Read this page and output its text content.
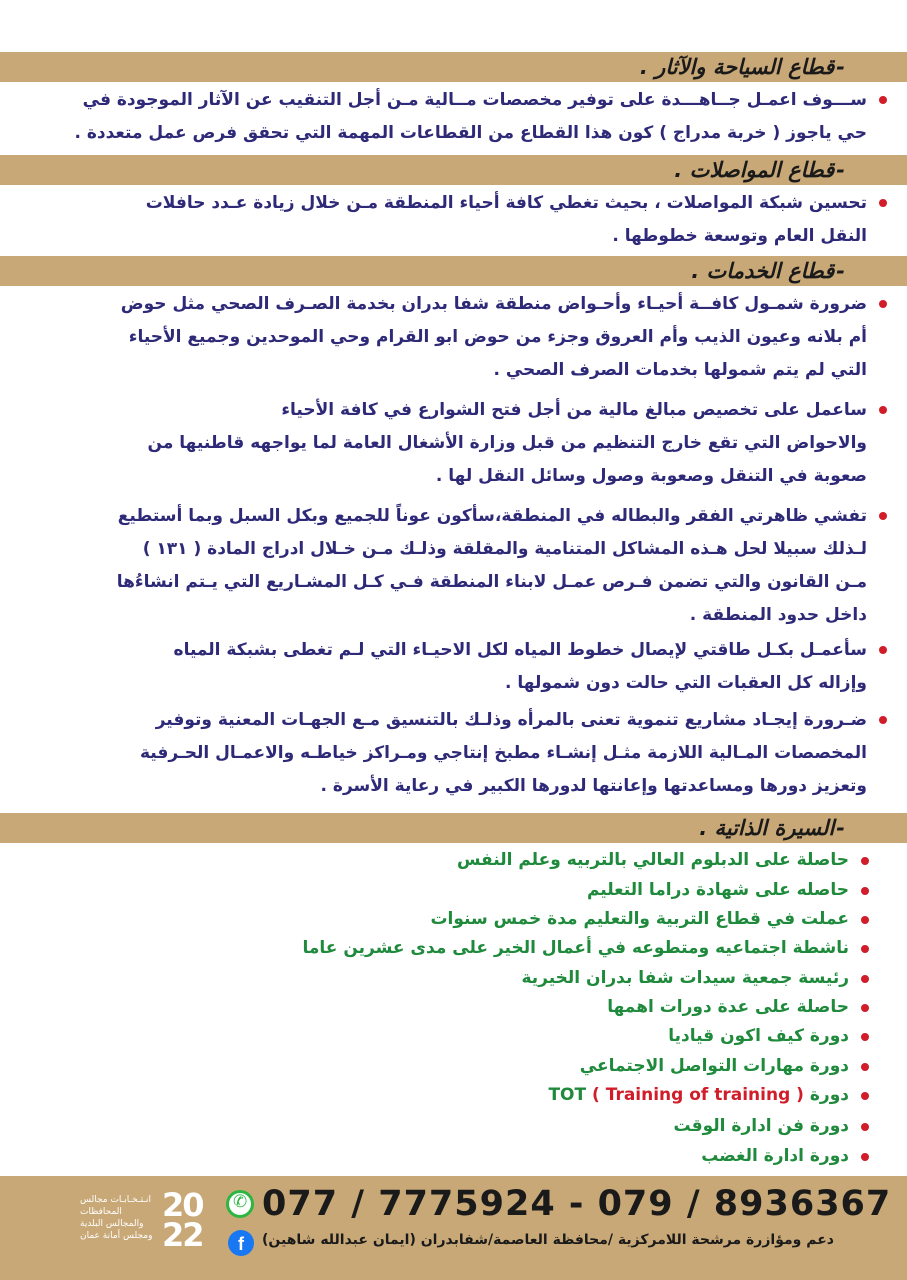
-
قطاع السياحة والآثار .
ســـوف اعمـل جــاهـــدة على توفير مخصصات مــالية مـن أجل التنقيب عن الآثار الموجودة في
حي ياجوز ( خربة مدراج ) كون هذا القطاع من القطاعات المهمة التي تحقق فرص عمل متعددة .
-
قطاع المواصلات .
تحسين شبكة المواصلات ، بحيث تغطي كافة أحياء المنطقة مـن خلال زيادة عـدد حافلات
النقل العام وتوسعة خطوطها .
-
قطاع الخدمات .
ضرورة شمـول كافــة أحيـاء وأحـواض منطقة شفا بدران بخدمة الصـرف الصحي مثل حوض
أم بلانه وعيون الذيب وأم العروق وجزء من حوض ابو القرام وحي الموحدين وجميع الأحياء
التي لم يتم شمولها بخدمات الصرف الصحي .
ساعمل على تخصيص مبالغ مالية من أجل فتح الشوارع في كافة الأحياء
والاحواض التي تقع خارج التنظيم من قبل وزارة الأشغال العامة لما يواجهه قاطنيها من
صعوبة في التنقل وصعوبة وصول وسائل النقل لها .
تفشي ظاهرتي الفقر والبطاله في المنطقة،سأكون عوناً للجميع وبكل السبل وبما أستطيع
لـذلك سبيلا لحل هـذه المشاكل المتنامية والمقلقة وذلـك مـن خـلال ادراج المادة ( ١٣١ )
مـن القانون والتي تضمن فـرص عمـل لابناء المنطقة فـي كـل المشـاريع التي يـتم انشاءُها
داخل حدود المنطقة .
سأعمـل بكـل طاقتي لإيصال خطوط المياه لكل الاحيـاء التي لـم تغطى بشبكة المياه
وإزاله كل العقبات التي حالت دون شمولها .
ضـرورة إيجـاد مشاريع تنموية تعنى بالمرأه وذلـك بالتنسيق مـع الجهـات المعنية وتوفير
المخصصات المـالية اللازمة مثـل إنشـاء مطبخ إنتاجي ومـراكز خياطـه والاعمـال الحـرفية
وتعزيز دورها ومساعدتها وإعانتها لدورها الكبير في رعاية الأسرة .
-
السيرة الذاتية .
حاصلة على الدبلوم العالي بالتربيه وعلم النفس
حاصله على شهادة دراما التعليم
عملت في قطاع التربية والتعليم مدة خمس سنوات
ناشطة اجتماعيه ومتطوعه في أعمال الخير على مدى عشرين عاما
رئيسة جمعية سيدات شفا بدران الخيرية
حاصلة على عدة دورات اهمها
دورة كيف اكون قياديا
دورة مهارات التواصل الاجتماعي
دورة TOT ( Training of training )
دورة فن ادارة الوقت
دورة ادارة الغضب
انـتـخـابـات مجالس المحافظات والمجالس البلدية ومجلس أمانة عمان
20
22
✆
077 / 7775924 - 079 / 8936367
f	دعم ومؤازرة مرشحة اللامركزية /محافظة العاصمة/شفابدران (ايمان عبدالله شاهين)
